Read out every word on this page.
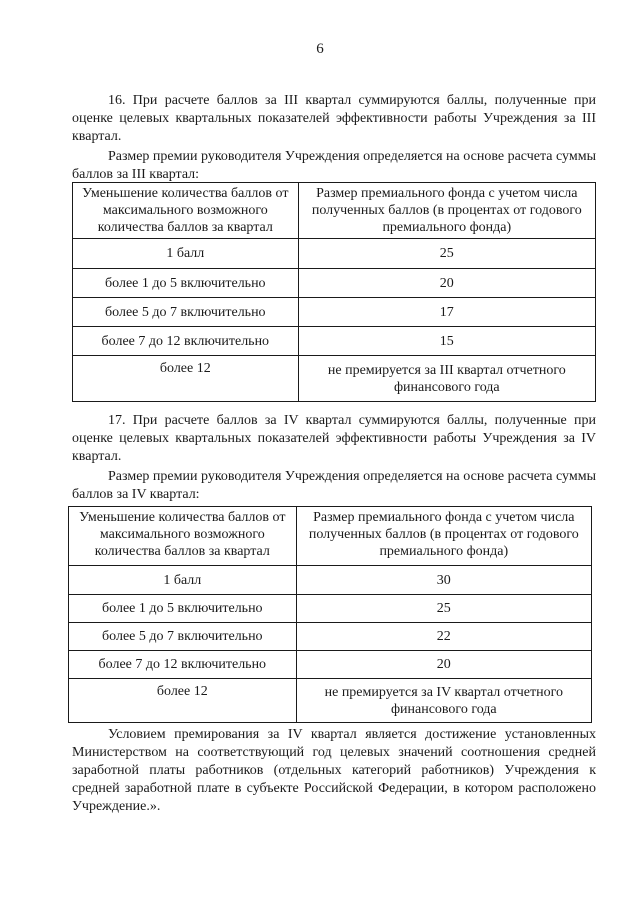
6

16. При расчете баллов за III квартал суммируются баллы, полученные при оценке целевых квартальных показателей эффективности работы Учреждения за III квартал.

Размер премии руководителя Учреждения определяется на основе расчета суммы баллов за III квартал:

Уменьшение количества баллов от максимального возможного количества баллов за квартал	Размер премиального фонда с учетом числа полученных баллов (в процентах от годового премиального фонда)
1 балл	25
более 1 до 5 включительно	20
более 5 до 7 включительно	17
более 7 до 12 включительно	15
более 12	не премируется за III квартал отчетного финансового года

17. При расчете баллов за IV квартал суммируются баллы, полученные при оценке целевых квартальных показателей эффективности работы Учреждения за IV квартал.

Размер премии руководителя Учреждения определяется на основе расчета суммы баллов за IV квартал:

Уменьшение количества баллов от максимального возможного количества баллов за квартал	Размер премиального фонда с учетом числа полученных баллов (в процентах от годового премиального фонда)
1 балл	30
более 1 до 5 включительно	25
более 5 до 7 включительно	22
более 7 до 12 включительно	20
более 12	не премируется за IV квартал отчетного финансового года

Условием премирования за IV квартал является достижение установленных Министерством на соответствующий год целевых значений соотношения средней заработной платы работников (отдельных категорий работников) Учреждения к средней заработной плате в субъекте Российской Федерации, в котором расположено Учреждение.».
